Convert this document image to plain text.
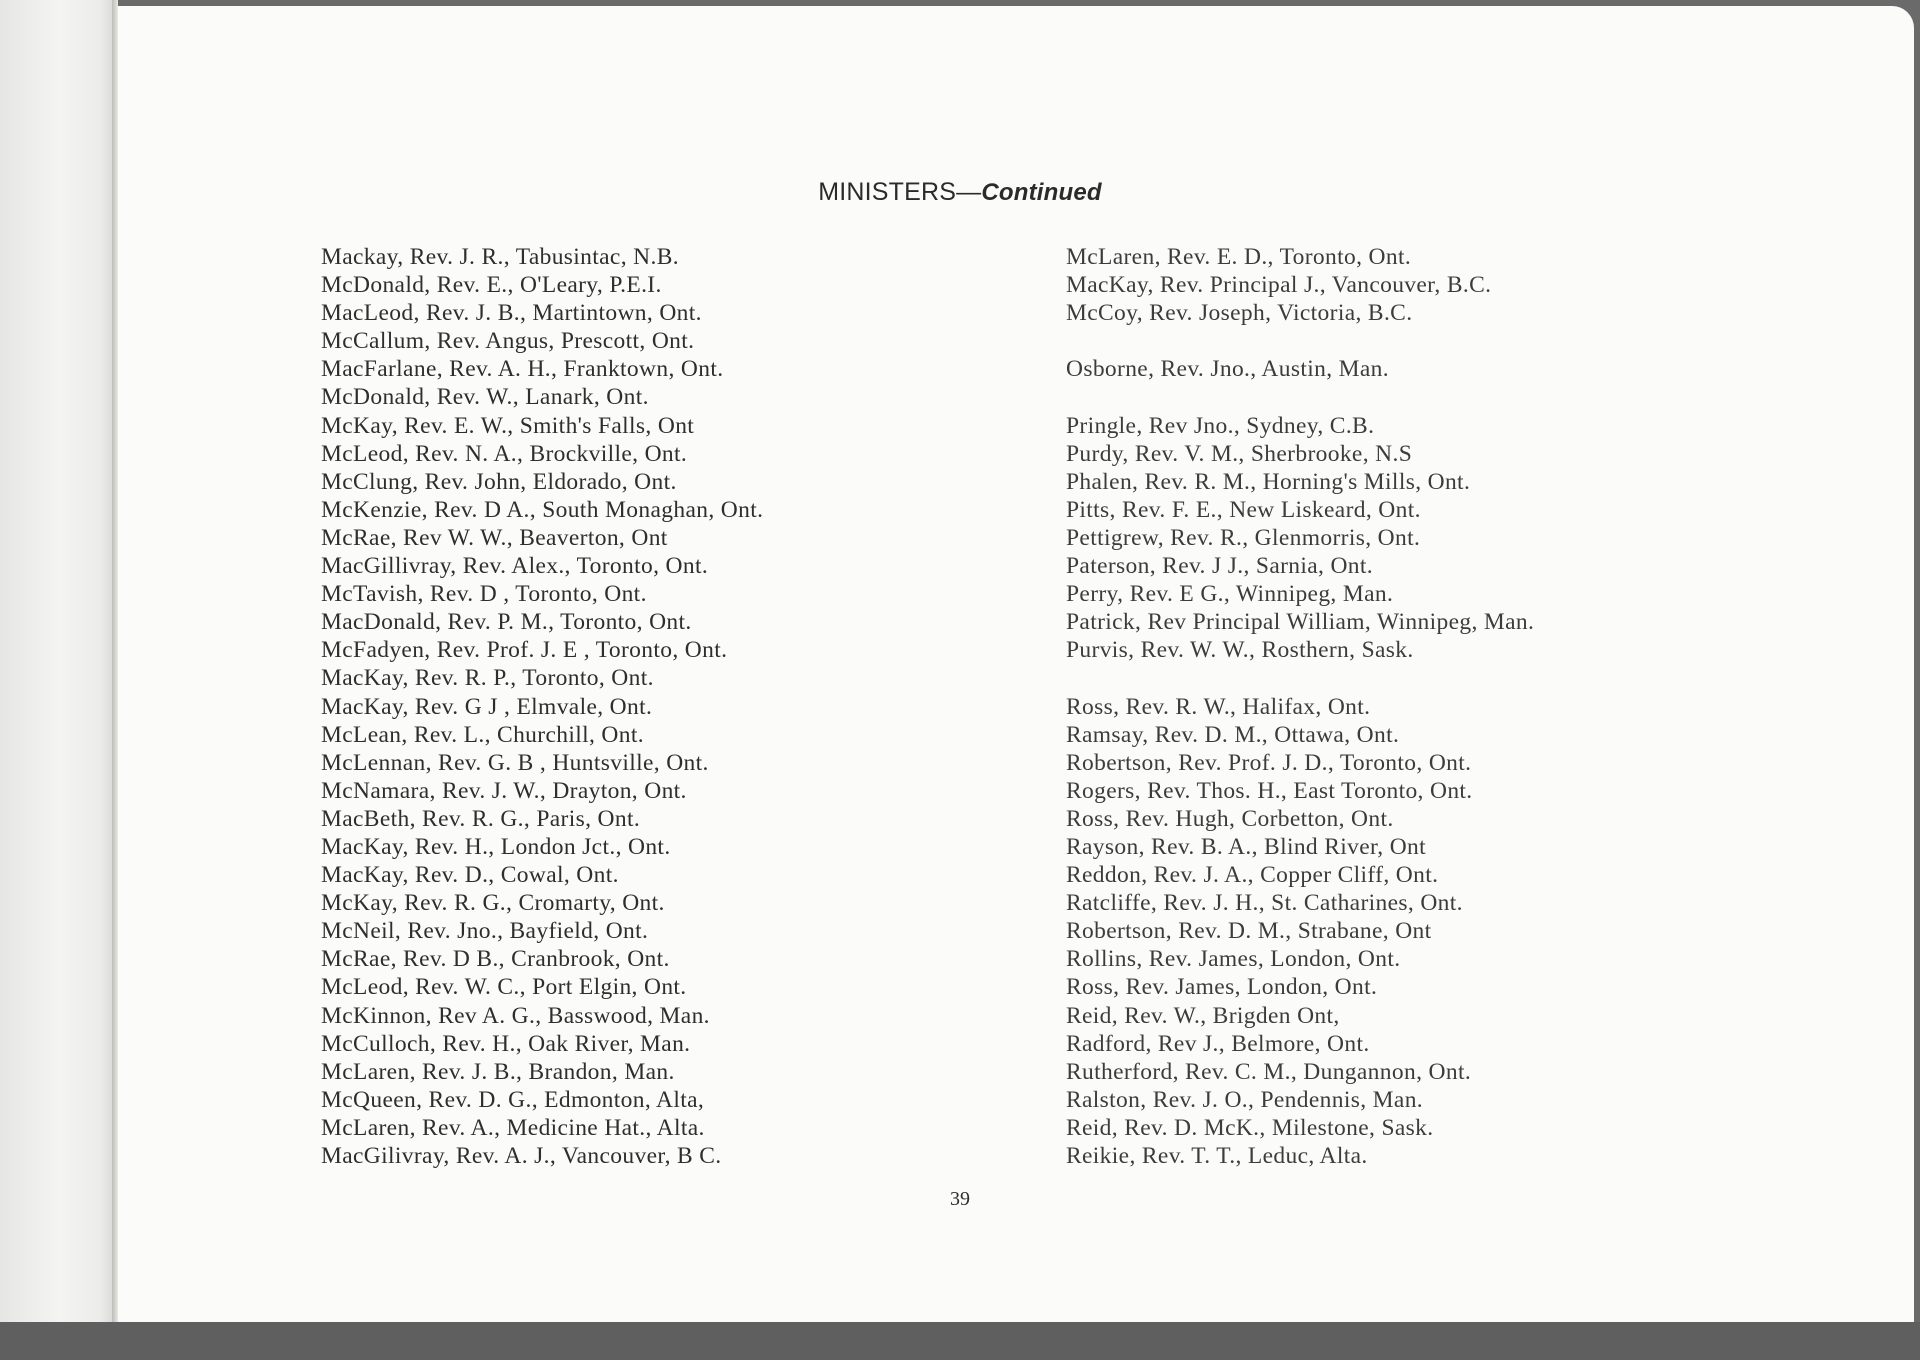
MINISTERS—Continued
Mackay, Rev. J. R., Tabusintac, N.B.
McDonald, Rev. E., O'Leary, P.E.I.
MacLeod, Rev. J. B., Martintown, Ont.
McCallum, Rev. Angus, Prescott, Ont.
MacFarlane, Rev. A. H., Franktown, Ont.
McDonald, Rev. W., Lanark, Ont.
McKay, Rev. E. W., Smith's Falls, Ont
McLeod, Rev. N. A., Brockville, Ont.
McClung, Rev. John, Eldorado, Ont.
McKenzie, Rev. D A., South Monaghan, Ont.
McRae, Rev W. W., Beaverton, Ont
MacGillivray, Rev. Alex., Toronto, Ont.
McTavish, Rev. D , Toronto, Ont.
MacDonald, Rev. P. M., Toronto, Ont.
McFadyen, Rev. Prof. J. E , Toronto, Ont.
MacKay, Rev. R. P., Toronto, Ont.
MacKay, Rev. G J , Elmvale, Ont.
McLean, Rev. L., Churchill, Ont.
McLennan, Rev. G. B , Huntsville, Ont.
McNamara, Rev. J. W., Drayton, Ont.
MacBeth, Rev. R. G., Paris, Ont.
MacKay, Rev. H., London Jct., Ont.
MacKay, Rev. D., Cowal, Ont.
McKay, Rev. R. G., Cromarty, Ont.
McNeil, Rev. Jno., Bayfield, Ont.
McRae, Rev. D B., Cranbrook, Ont.
McLeod, Rev. W. C., Port Elgin, Ont.
McKinnon, Rev A. G., Basswood, Man.
McCulloch, Rev. H., Oak River, Man.
McLaren, Rev. J. B., Brandon, Man.
McQueen, Rev. D. G., Edmonton, Alta,
McLaren, Rev. A., Medicine Hat., Alta.
MacGilivray, Rev. A. J., Vancouver, B C.
McLaren, Rev. E. D., Toronto, Ont.
MacKay, Rev. Principal J., Vancouver, B.C.
McCoy, Rev. Joseph, Victoria, B.C.
Osborne, Rev. Jno., Austin, Man.
Pringle, Rev Jno., Sydney, C.B.
Purdy, Rev. V. M., Sherbrooke, N.S
Phalen, Rev. R. M., Horning's Mills, Ont.
Pitts, Rev. F. E., New Liskeard, Ont.
Pettigrew, Rev. R., Glenmorris, Ont.
Paterson, Rev. J J., Sarnia, Ont.
Perry, Rev. E G., Winnipeg, Man.
Patrick, Rev Principal William, Winnipeg, Man.
Purvis, Rev. W. W., Rosthern, Sask.
Ross, Rev. R. W., Halifax, Ont.
Ramsay, Rev. D. M., Ottawa, Ont.
Robertson, Rev. Prof. J. D., Toronto, Ont.
Rogers, Rev. Thos. H., East Toronto, Ont.
Ross, Rev. Hugh, Corbetton, Ont.
Rayson, Rev. B. A., Blind River, Ont
Reddon, Rev. J. A., Copper Cliff, Ont.
Ratcliffe, Rev. J. H., St. Catharines, Ont.
Robertson, Rev. D. M., Strabane, Ont
Rollins, Rev. James, London, Ont.
Ross, Rev. James, London, Ont.
Reid, Rev. W., Brigden Ont,
Radford, Rev J., Belmore, Ont.
Rutherford, Rev. C. M., Dungannon, Ont.
Ralston, Rev. J. O., Pendennis, Man.
Reid, Rev. D. McK., Milestone, Sask.
Reikie, Rev. T. T., Leduc, Alta.
39
